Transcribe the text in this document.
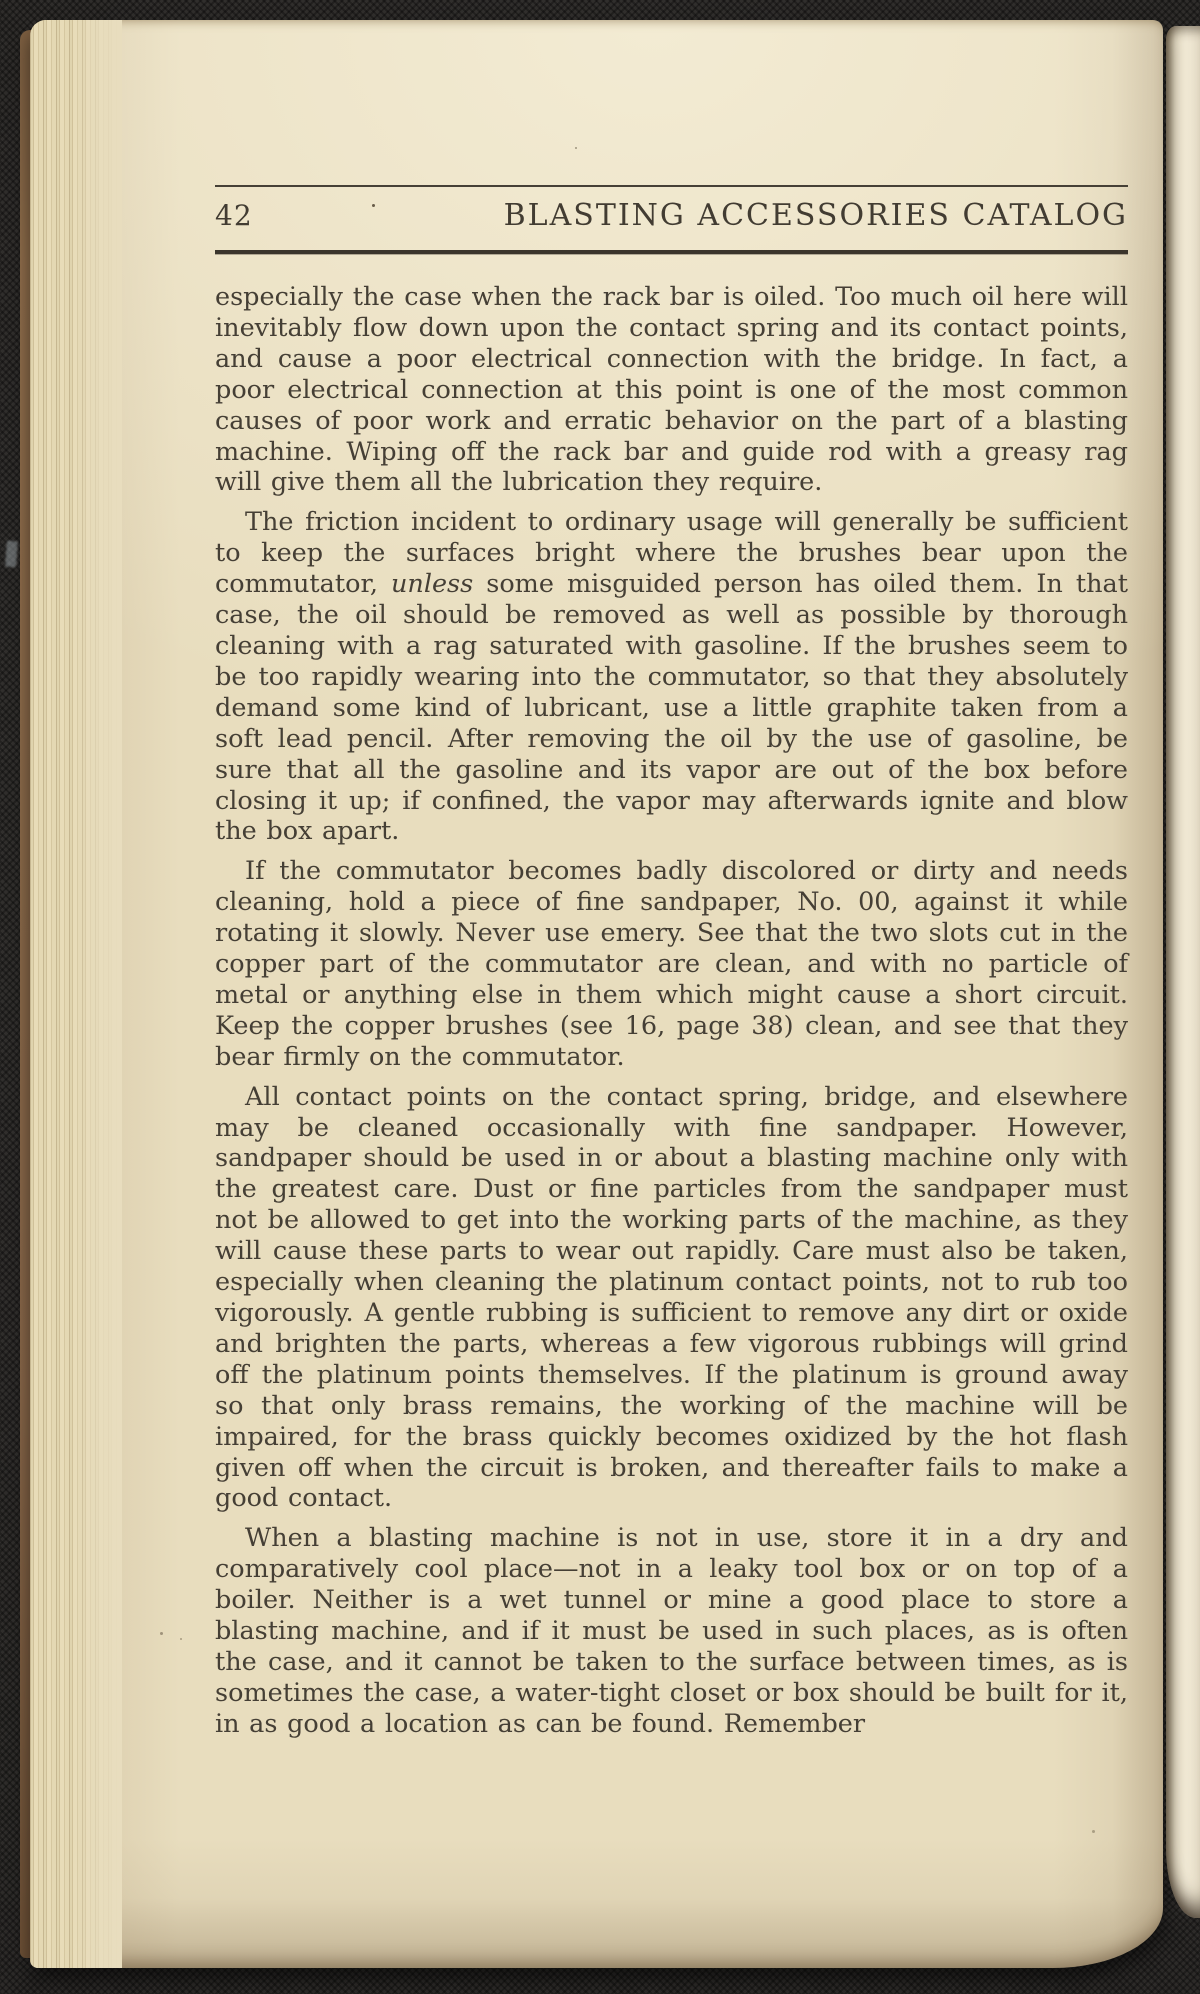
42	BLASTING ACCESSORIES CATALOG

especially the case when the rack bar is oiled. Too much oil here will inevitably flow down upon the contact spring and its contact points, and cause a poor electrical connection with the bridge. In fact, a poor electrical connection at this point is one of the most common causes of poor work and erratic behavior on the part of a blasting machine. Wiping off the rack bar and guide rod with a greasy rag will give them all the lubrication they require.

The friction incident to ordinary usage will generally be sufficient to keep the surfaces bright where the brushes bear upon the commutator, unless some misguided person has oiled them. In that case, the oil should be removed as well as possible by thorough cleaning with a rag saturated with gasoline. If the brushes seem to be too rapidly wearing into the commutator, so that they absolutely demand some kind of lubricant, use a little graphite taken from a soft lead pencil. After removing the oil by the use of gasoline, be sure that all the gasoline and its vapor are out of the box before closing it up; if confined, the vapor may afterwards ignite and blow the box apart.

If the commutator becomes badly discolored or dirty and needs cleaning, hold a piece of fine sandpaper, No. 00, against it while rotating it slowly. Never use emery. See that the two slots cut in the copper part of the commutator are clean, and with no particle of metal or anything else in them which might cause a short circuit. Keep the copper brushes (see 16, page 38) clean, and see that they bear firmly on the commutator.

All contact points on the contact spring, bridge, and elsewhere may be cleaned occasionally with fine sandpaper. However, sandpaper should be used in or about a blasting machine only with the greatest care. Dust or fine particles from the sandpaper must not be allowed to get into the working parts of the machine, as they will cause these parts to wear out rapidly. Care must also be taken, especially when cleaning the platinum contact points, not to rub too vigorously. A gentle rubbing is sufficient to remove any dirt or oxide and brighten the parts, whereas a few vigorous rubbings will grind off the platinum points themselves. If the platinum is ground away so that only brass remains, the working of the machine will be impaired, for the brass quickly becomes oxidized by the hot flash given off when the circuit is broken, and thereafter fails to make a good contact.

When a blasting machine is not in use, store it in a dry and comparatively cool place—not in a leaky tool box or on top of a boiler. Neither is a wet tunnel or mine a good place to store a blasting machine, and if it must be used in such places, as is often the case, and it cannot be taken to the surface between times, as is sometimes the case, a water-tight closet or box should be built for it, in as good a location as can be found. Remember
